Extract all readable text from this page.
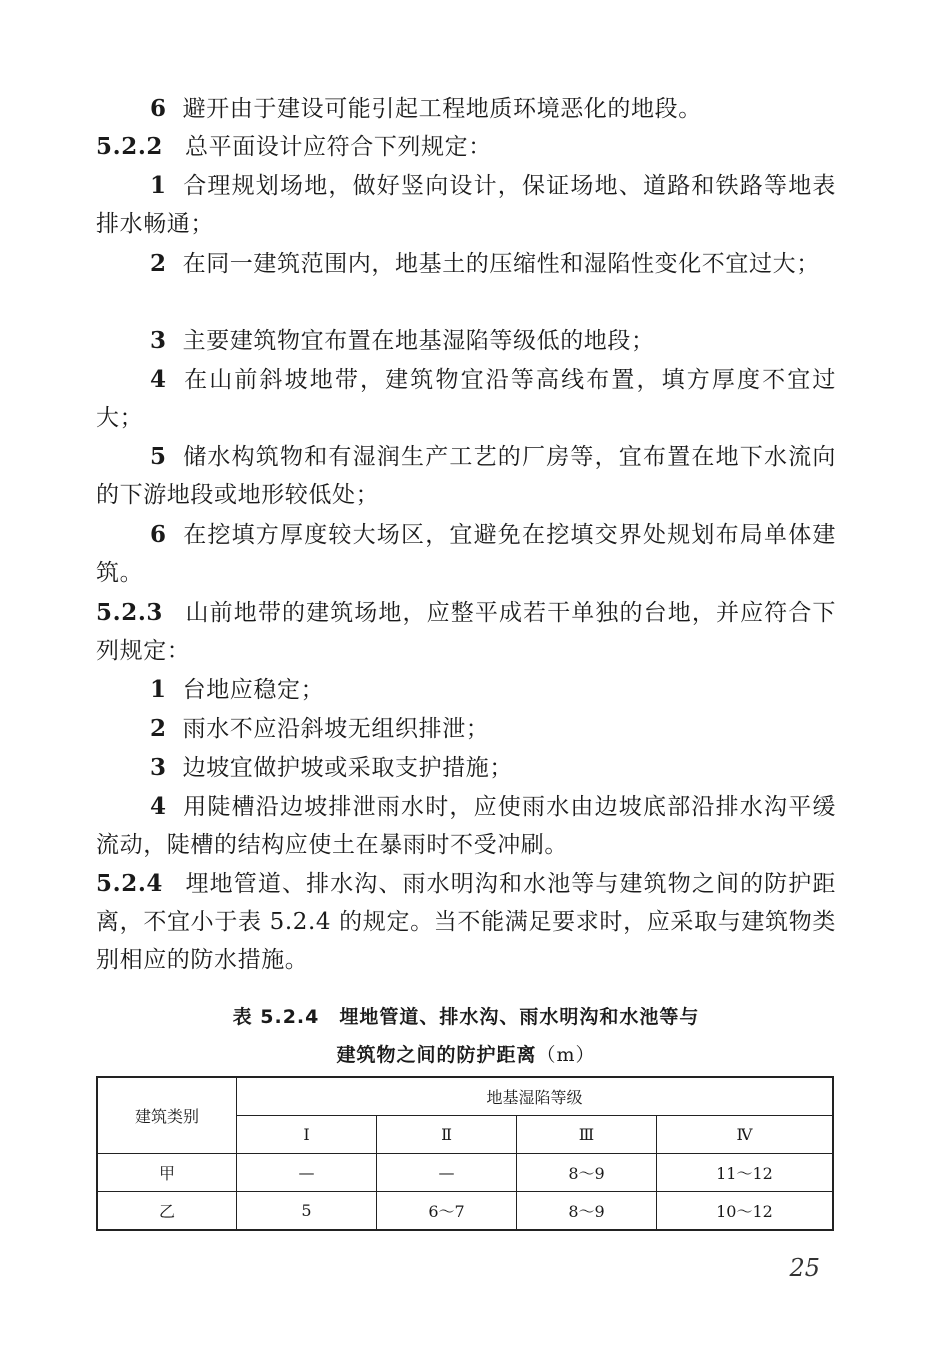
6 避开由于建设可能引起工程地质环境恶化的地段。
5.2.2 总平面设计应符合下列规定：
1 合理规划场地，做好竖向设计，保证场地、道路和铁路等地表排水畅通；
2 在同一建筑范围内，地基土的压缩性和湿陷性变化不宜过大；
3 主要建筑物宜布置在地基湿陷等级低的地段；
4 在山前斜坡地带，建筑物宜沿等高线布置，填方厚度不宜过大；
5 储水构筑物和有湿润生产工艺的厂房等，宜布置在地下水流向的下游地段或地形较低处；
6 在挖填方厚度较大场区，宜避免在挖填交界处规划布局单体建筑。
5.2.3 山前地带的建筑场地，应整平成若干单独的台地，并应符合下列规定：
1 台地应稳定；
2 雨水不应沿斜坡无组织排泄；
3 边坡宜做护坡或采取支护措施；
4 用陡槽沿边坡排泄雨水时，应使雨水由边坡底部沿排水沟平缓流动，陡槽的结构应使土在暴雨时不受冲刷。
5.2.4 埋地管道、排水沟、雨水明沟和水池等与建筑物之间的防护距离，不宜小于表 5.2.4 的规定。当不能满足要求时，应采取与建筑物类别相应的防水措施。
表 5.2.4　埋地管道、排水沟、雨水明沟和水池等与
建筑物之间的防护距离（m）
建筑类别	地基湿陷等级			
	Ⅰ	Ⅱ	Ⅲ	Ⅳ
甲	—	—	8～9	11～12
乙	5	6～7	8～9	10～12
25
